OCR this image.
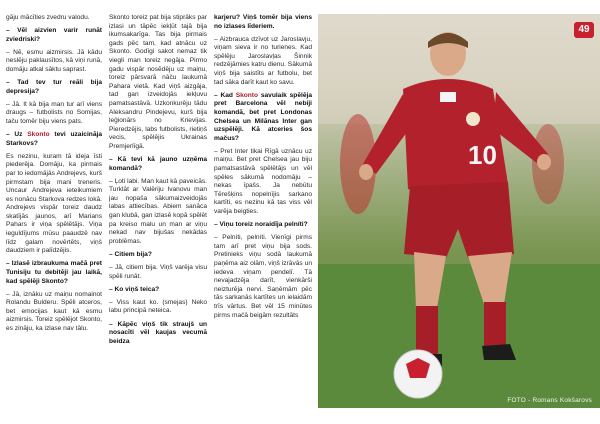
gāju mācīties zvedru valodu.

– Vēl aizvien varir runāt zviedriski?

– Nē, esmu aizmirsis. Jā kādu neslēju paklausītos, kā viņi runā, domāju atkal sāktu saprast.

– Tad tev tur reāli bija depresija?

– Jā. It kā bija man tur arī viens draugs – futbolists no Somijas, taču tomēr biju viens pats.

– Uz Skonto tevi uzaicināja Starkovs?

Es nezinu, kuram tā ideja īsti piederēja. Domāju, ka pirmais par to iedomājās Andrejevs, kurš pirmstam bija mani treneris. Uncaur Andrejeva ieteikumiem es nonācu Starkova redzes lokā. Andrejevs vispār toreiz daudz skatījās jaunos, arī Marians Pahars ir viņa spēlētājs. Viņa ieguldījums mūsu paaudzē nav līdz galam novērtēts, viņš daudziem ir palīdzējis.

– Izlasē izbraukuma mačā pret Tunisiju tu debitēji jau laikā, kad spēlēji Skonto?

– Jā, iznāku uz maiņu nomainot Rolandu Bulderu. Spēli atceros, bet emocijas kaut kā esmu aizmirsis. Toreiz spēlējot Skonto, es zināju, ka izlase nav tālu.

Skonto toreiz pat bija stiprāks par izlasi un tāpēc iekļūt tajā bija ikumsakarīga. Tas bija pirmais gads pēc tam, kad atnācu uz Skonto. Godīgi sakot nemaz tik viegli man toreiz negāja. Pirmo gadu vispār nosēdēju uz maiņu, toreiz pārsvarā nāču laukumā Pahara vietā. Kad viņš aizgāja, tad gan izveidojās iekļuvu pamatsastāvā. Uzkonkurēju tādu Aleksandru Pindejevu, kurš bija leģionārs no Krievijas. Pieredzējis, labs futbolists, rietiņš vecis, spēlējis Ukrainas Premjerlīgā.

– Kā tevi kā jauno uzņēma komandā?

– Ļoti labi. Man kaut kā paveicās. Turklāt ar Valēriju Ivanovu man jau nopaša sākumaizveidojās labas attiecības. Abiem sanāca gan klubā, gan izlasē kopā spēlēt pa kreiso malu un man ar viņu nekad nav bijušas nekādas problēmas.

– Citiem bija?

– Jā, citiem bija. Viņš varēja visu spēli runāt.

– Ko viņš teica?

– Viss kaut ko. (smejas) Neko labu principā neteica.

– Kāpēc viņš tik straujš un nosacīti vēl kaujas vecumā beidza

karjeru? Viņš tomēr bija viens no izlases līderiem.

– Aizbrauca dzīvot uz Jaroslavju, viņam sieva ir no turienes. Kad spēlēju Jaroslavļas Šinnik redzējāmies katru dienu. Sākumā viņš bija saistīts ar futbolu, bet tad sāka darīt kaut ko savu.

– Kad Skonto savulaik spēlēja pret Barcelona vēl nebiji komandā, bet pret Londonas Chelsea un Milānas Inter gan uzspēlēji. Kā atceries šos mačus?

– Pret Inter tikai Rīgā uznācu uz maiņu. Bet pret Chelsea jau biju pamatsastāvā spēlētājs un vēl spēles sākumā nodomāju – nekas īpašs. Ja nebūtu Tērešķins nopelnījis sarkano kartīti, es nezinu kā tas viss vēl varēja beigties.

– Viņu toreiz noraidīja pelníti?

– Pelníti, pelníti. Vienīgi pirms tam arī pret viņu bija sods. Pretinieks viņu sodā laukumā paņēma aiz olām, viņš izrāvās un iedeva viņam pendelī. Tā nevajadzēja darīt, vienkārši neizturēja nervi. Saņēmām pēc tās sarkanās kartītes un ielaidām trīs vārtus. Bet vēl 15 minūtes pirms mačā beigām rezultāts

10
49
FOTO - Romans Kokšarovs
